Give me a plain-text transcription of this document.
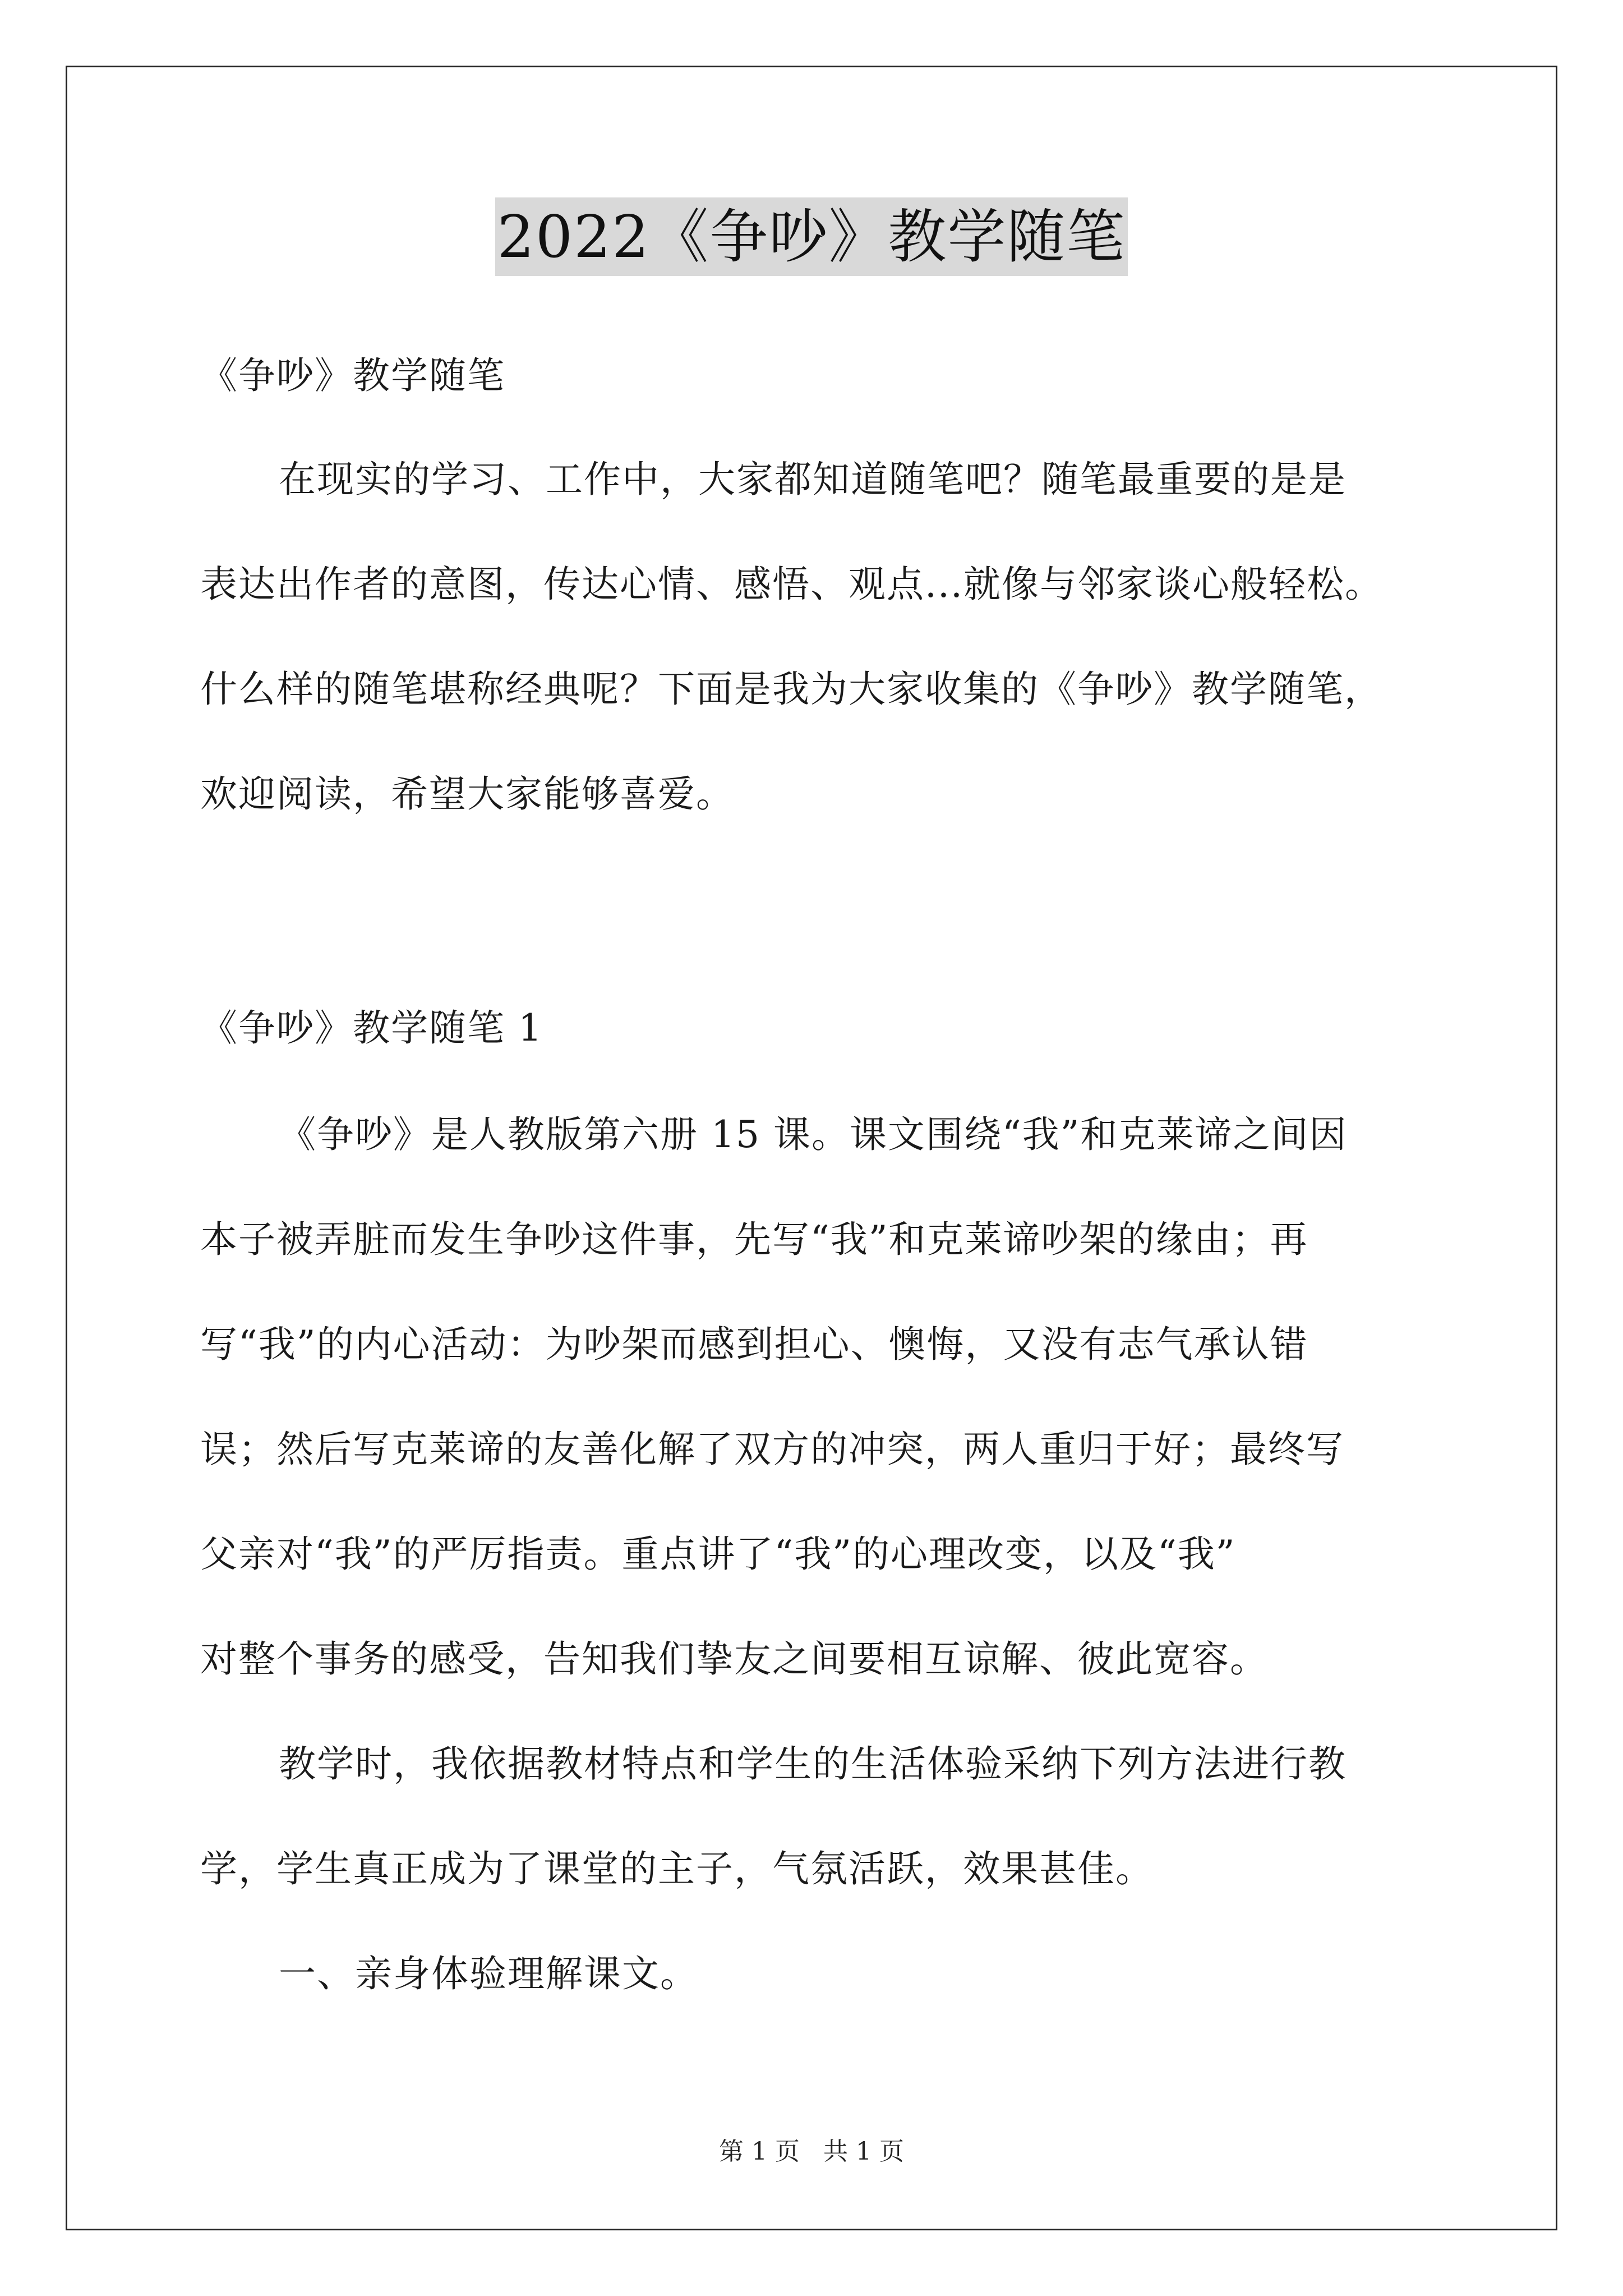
2022《争吵》教学随笔
《争吵》教学随笔
在现实的学习、工作中，大家都知道随笔吧？随笔最重要的是是
表达出作者的意图，传达心情、感悟、观点...就像与邻家谈心般轻松。
什么样的随笔堪称经典呢？下面是我为大家收集的《争吵》教学随笔，
欢迎阅读，希望大家能够喜爱。
《争吵》教学随笔 1
《争吵》是人教版第六册 15 课。课文围绕“我”和克莱谛之间因
本子被弄脏而发生争吵这件事，先写“我”和克莱谛吵架的缘由；再
写“我”的内心活动：为吵架而感到担心、懊悔，又没有志气承认错
误；然后写克莱谛的友善化解了双方的冲突，两人重归于好；最终写
父亲对“我”的严厉指责。重点讲了“我”的心理改变，以及“我”
对整个事务的感受，告知我们挚友之间要相互谅解、彼此宽容。
教学时，我依据教材特点和学生的生活体验采纳下列方法进行教
学，学生真正成为了课堂的主子，气氛活跃，效果甚佳。
一、亲身体验理解课文。
第 1 页 共 1 页
